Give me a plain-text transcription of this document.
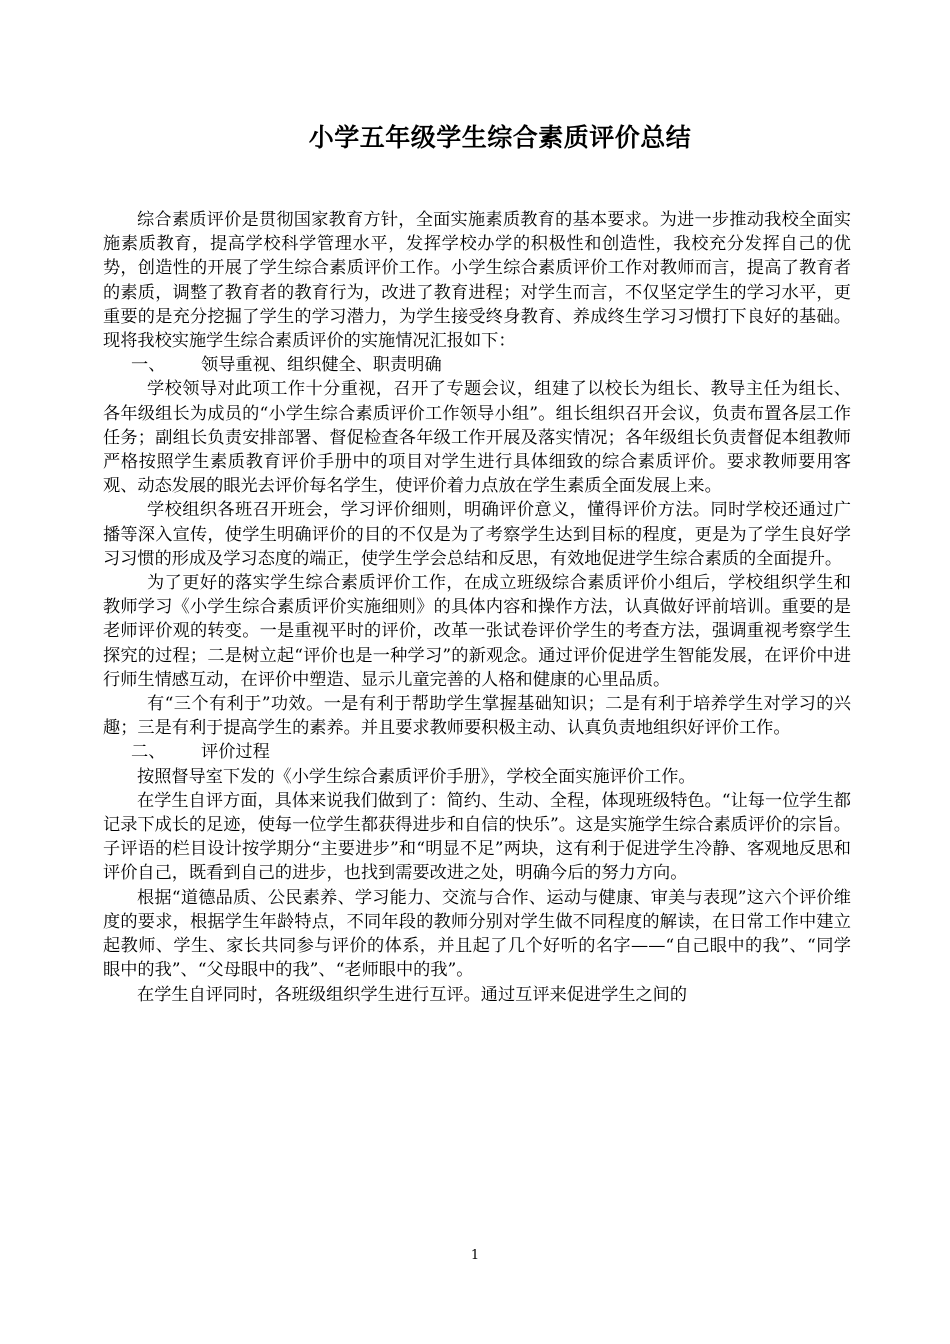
小学五年级学生综合素质评价总结

综合素质评价是贯彻国家教育方针，全面实施素质教育的基本要求。为进一步推动我校全面实施素质教育，提高学校科学管理水平，发挥学校办学的积极性和创造性，我校充分发挥自己的优势，创造性的开展了学生综合素质评价工作。小学生综合素质评价工作对教师而言，提高了教育者的素质，调整了教育者的教育行为，改进了教育进程；对学生而言，不仅坚定学生的学习水平，更重要的是充分挖掘了学生的学习潜力，为学生接受终身教育、养成终生学习习惯打下良好的基础。现将我校实施学生综合素质评价的实施情况汇报如下：

一、 领导重视、组织健全、职责明确

学校领导对此项工作十分重视，召开了专题会议，组建了以校长为组长、教导主任为组长、各年级组长为成员的“小学生综合素质评价工作领导小组”。组长组织召开会议，负责布置各层工作任务；副组长负责安排部署、督促检查各年级工作开展及落实情况；各年级组长负责督促本组教师严格按照学生素质教育评价手册中的项目对学生进行具体细致的综合素质评价。要求教师要用客观、动态发展的眼光去评价每名学生，使评价着力点放在学生素质全面发展上来。

学校组织各班召开班会，学习评价细则，明确评价意义，懂得评价方法。同时学校还通过广播等深入宣传，使学生明确评价的目的不仅是为了考察学生达到目标的程度，更是为了学生良好学习习惯的形成及学习态度的端正，使学生学会总结和反思，有效地促进学生综合素质的全面提升。

为了更好的落实学生综合素质评价工作，在成立班级综合素质评价小组后，学校组织学生和教师学习《小学生综合素质评价实施细则》的具体内容和操作方法，认真做好评前培训。重要的是老师评价观的转变。一是重视平时的评价，改革一张试卷评价学生的考查方法，强调重视考察学生探究的过程；二是树立起“评价也是一种学习”的新观念。通过评价促进学生智能发展，在评价中进行师生情感互动，在评价中塑造、显示儿童完善的人格和健康的心里品质。

有“三个有利于”功效。一是有利于帮助学生掌握基础知识；二是有利于培养学生对学习的兴趣；三是有利于提高学生的素养。并且要求教师要积极主动、认真负责地组织好评价工作。

二、 评价过程

按照督导室下发的《小学生综合素质评价手册》，学校全面实施评价工作。

在学生自评方面，具体来说我们做到了：简约、生动、全程，体现班级特色。“让每一位学生都记录下成长的足迹，使每一位学生都获得进步和自信的快乐”。这是实施学生综合素质评价的宗旨。子评语的栏目设计按学期分“主要进步”和“明显不足”两块，这有利于促进学生冷静、客观地反思和评价自己，既看到自己的进步，也找到需要改进之处，明确今后的努力方向。

根据“道德品质、公民素养、学习能力、交流与合作、运动与健康、审美与表现”这六个评价维度的要求，根据学生年龄特点，不同年段的教师分别对学生做不同程度的解读，在日常工作中建立起教师、学生、家长共同参与评价的体系，并且起了几个好听的名字——“自己眼中的我”、“同学眼中的我”、“父母眼中的我”、“老师眼中的我”。

在学生自评同时，各班级组织学生进行互评。通过互评来促进学生之间的

1
